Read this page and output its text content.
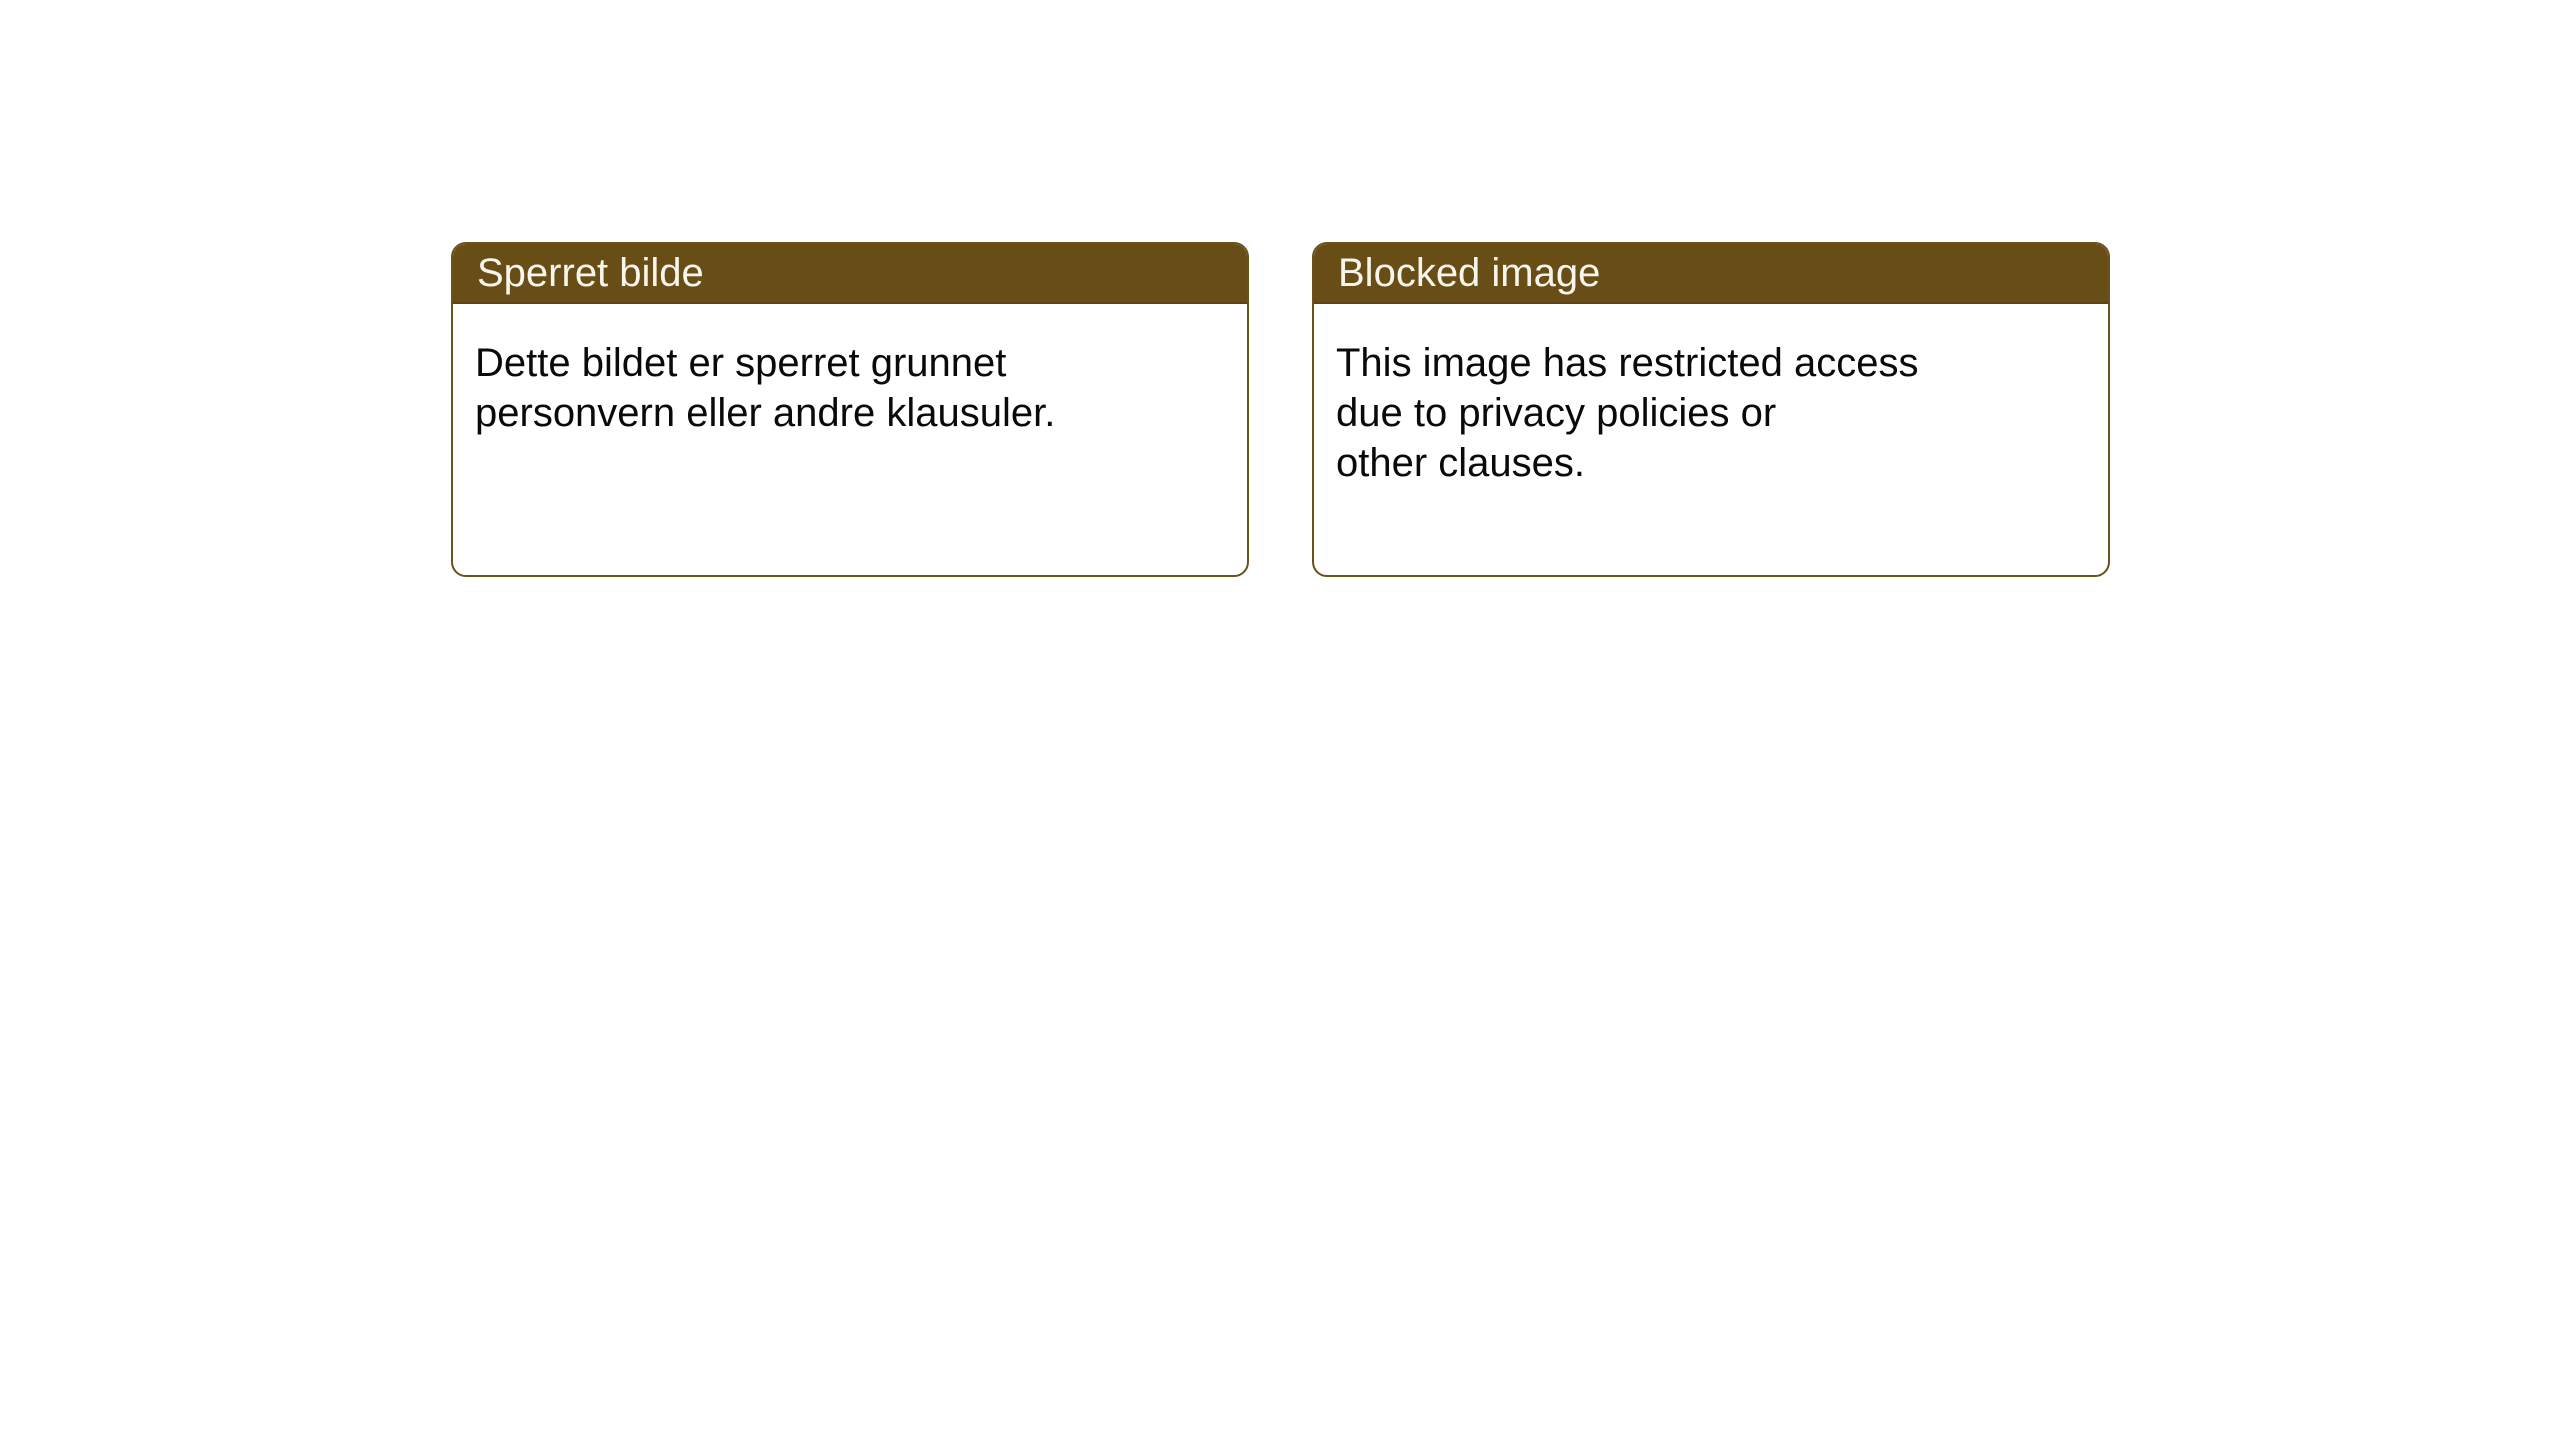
Sperret bilde

Dette bildet er sperret grunnet

personvern eller andre klausuler.

Blocked image

This image has restricted access

due to privacy policies or

other clauses.
